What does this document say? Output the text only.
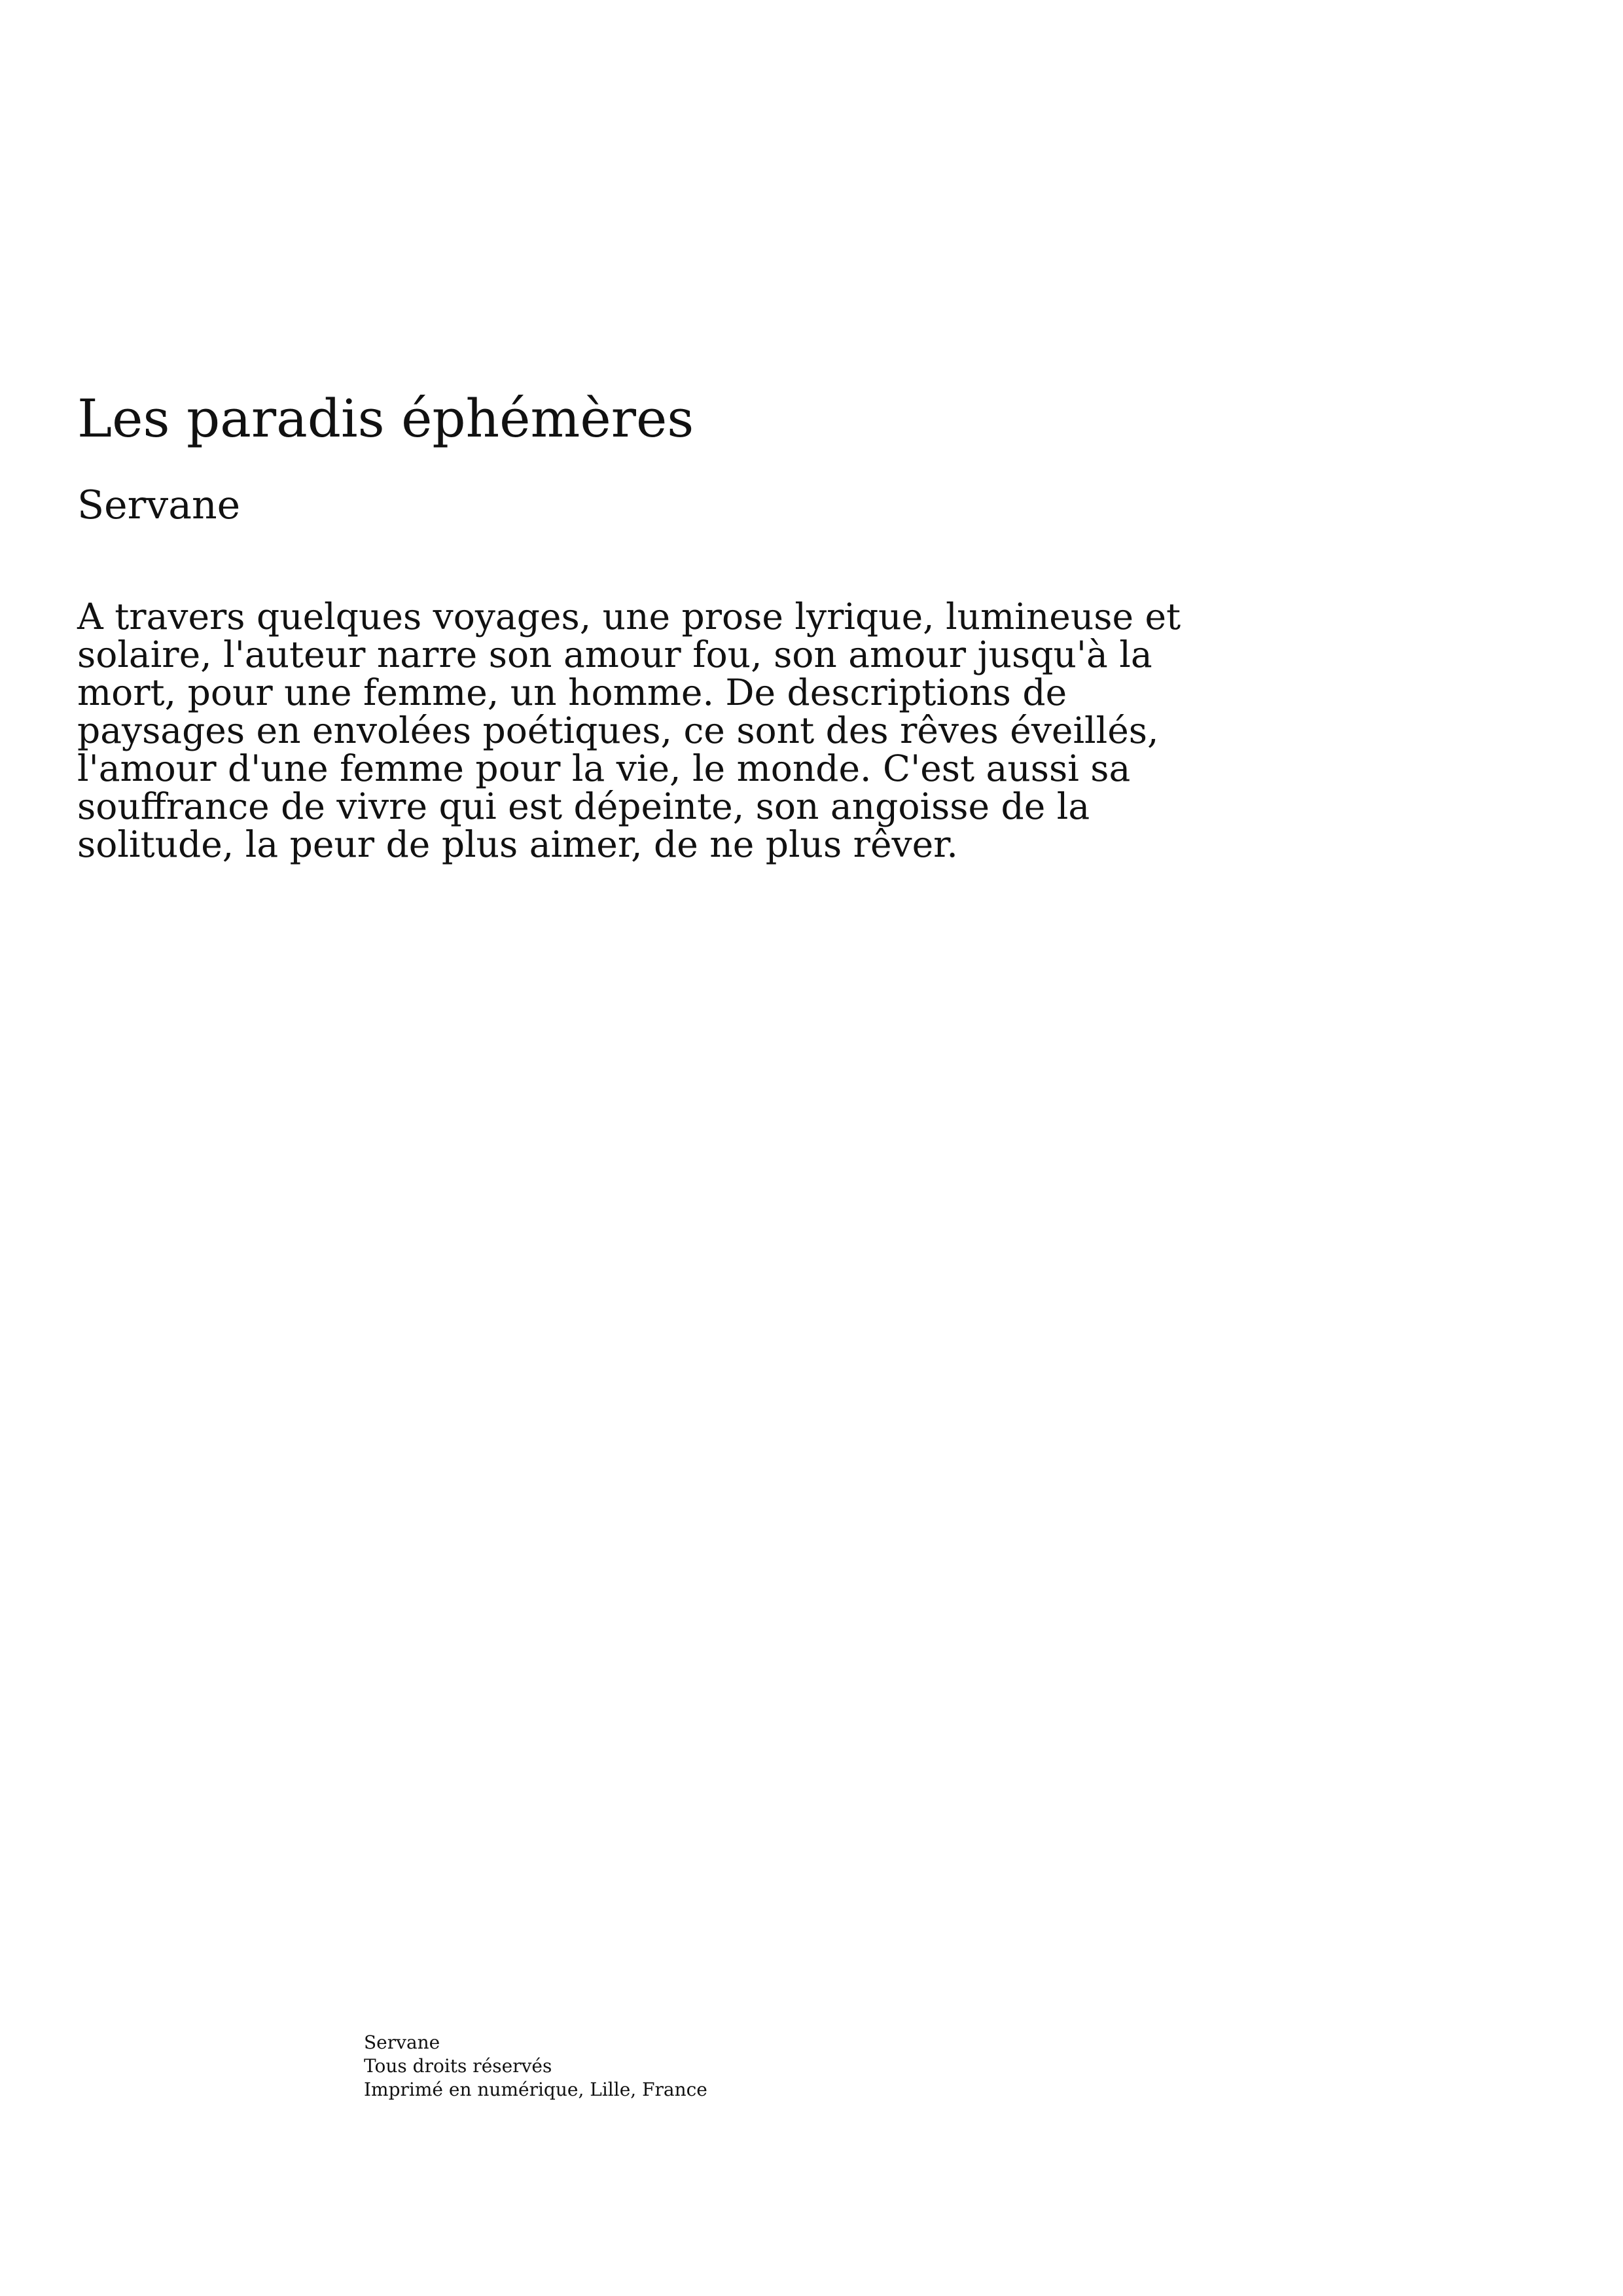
Les paradis éphémères
Servane

A travers quelques voyages, une prose lyrique, lumineuse et solaire, l'auteur narre son amour fou, son amour jusqu'à la mort, pour une femme, un homme. De descriptions de paysages en envolées poétiques, ce sont des rêves éveillés, l'amour d'une femme pour la vie, le monde. C'est aussi sa souffrance de vivre qui est dépeinte, son angoisse de la solitude, la peur de plus aimer, de ne plus rêver.

Servane
Tous droits réservés
Imprimé en numérique, Lille, France
